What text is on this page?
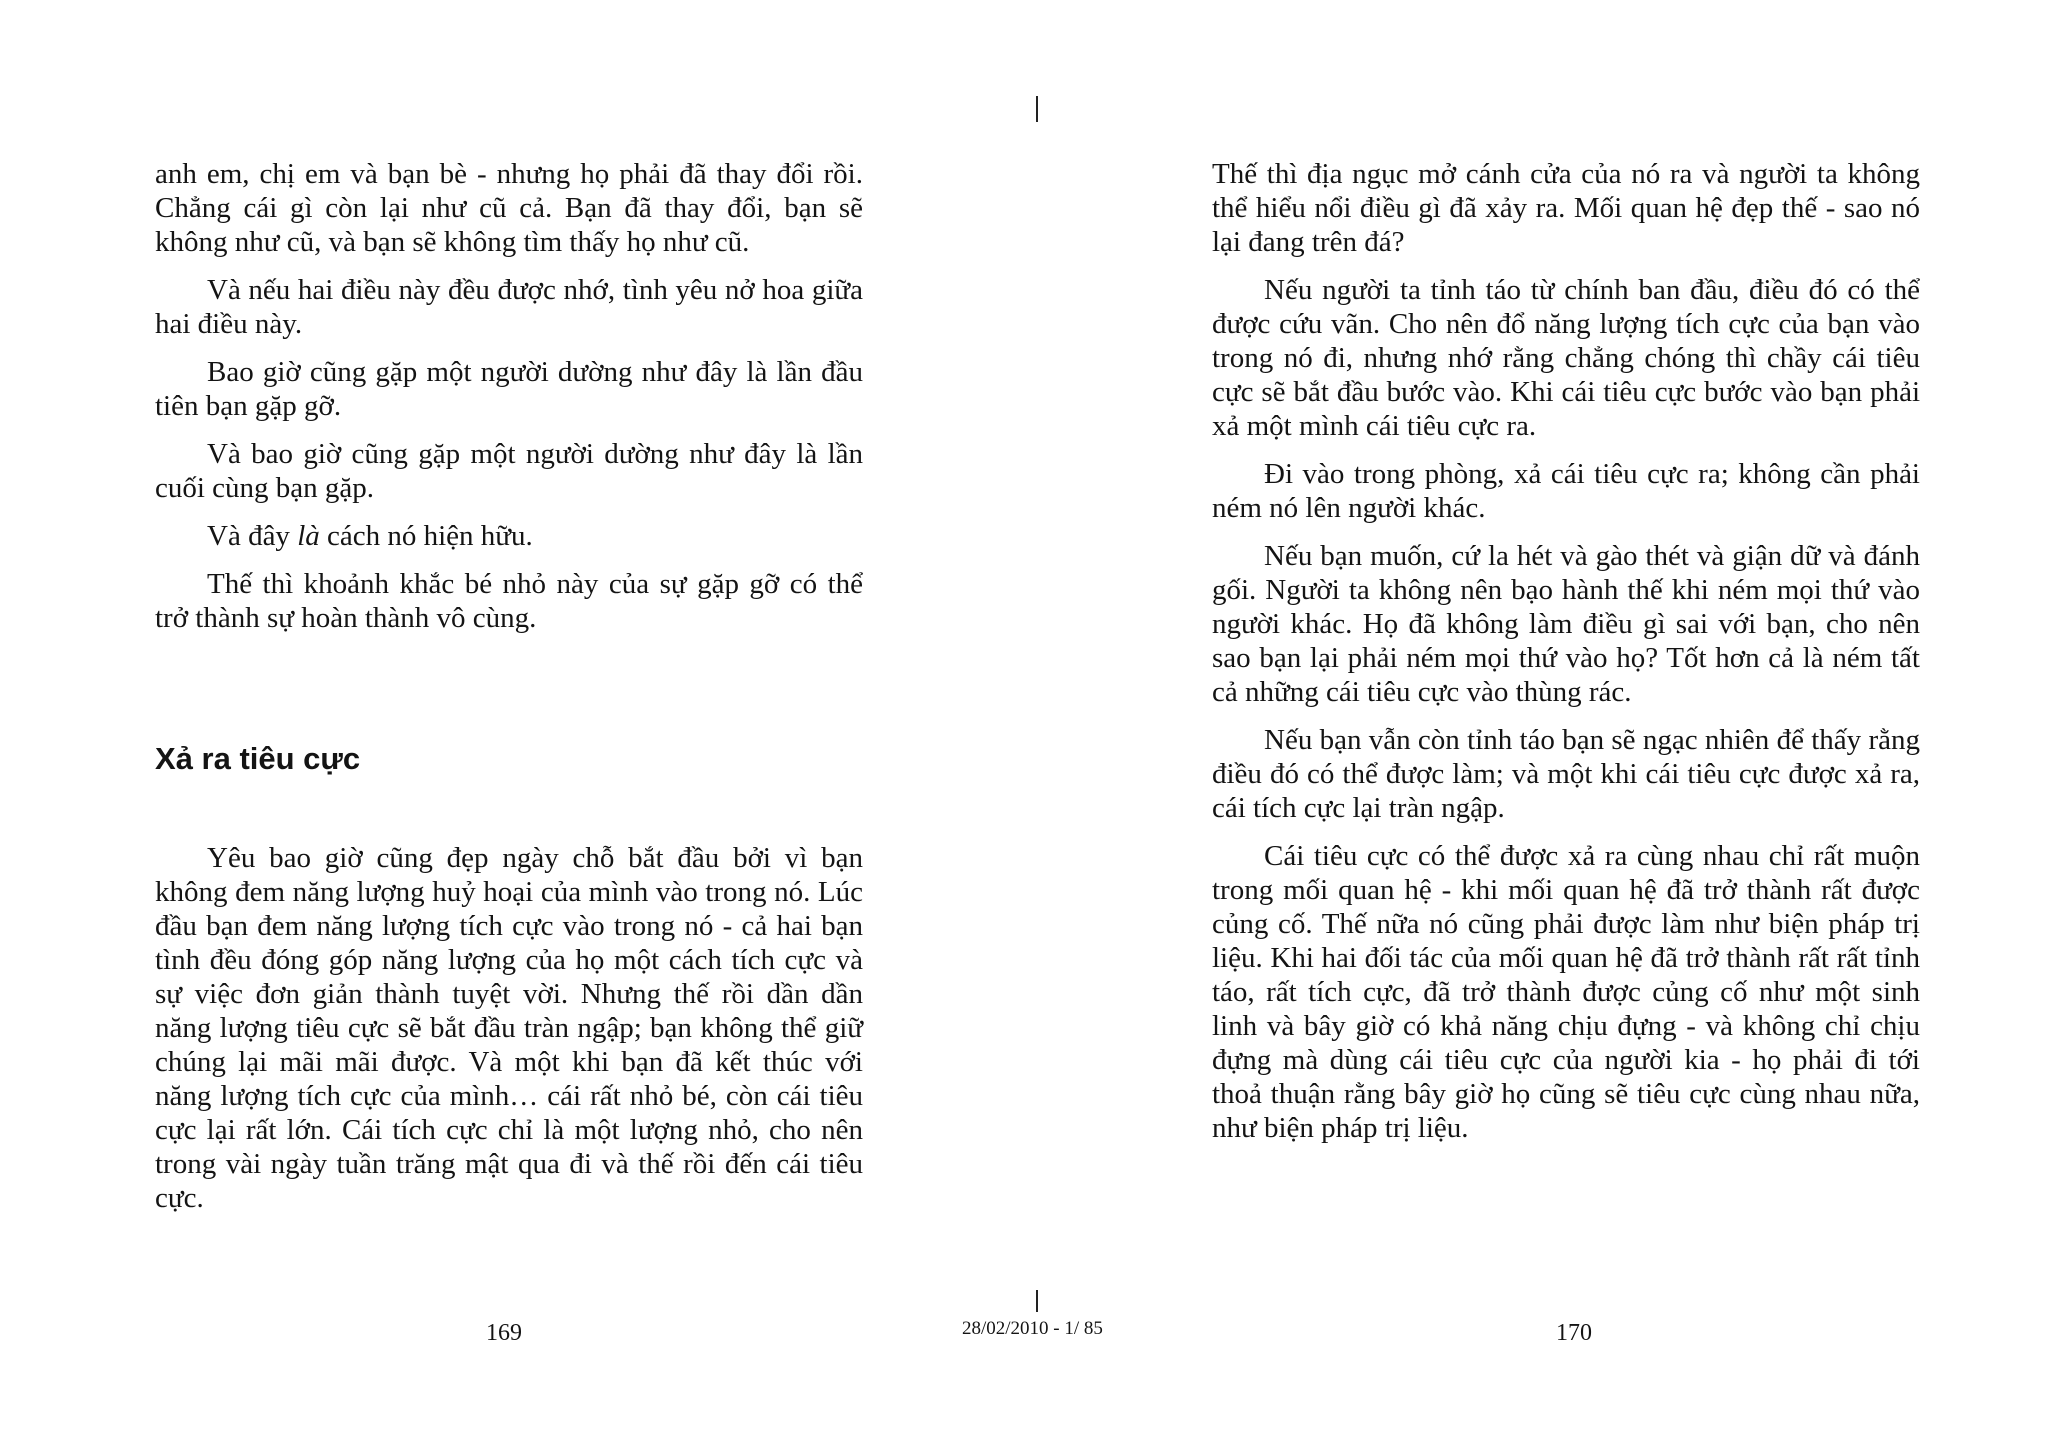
anh em, chị em và bạn bè - nhưng họ phải đã thay đổi rồi. Chẳng cái gì còn lại như cũ cả. Bạn đã thay đổi, bạn sẽ không như cũ, và bạn sẽ không tìm thấy họ như cũ.

Và nếu hai điều này đều được nhớ, tình yêu nở hoa giữa hai điều này.

Bao giờ cũng gặp một người dường như đây là lần đầu tiên bạn gặp gỡ.

Và bao giờ cũng gặp một người dường như đây là lần cuối cùng bạn gặp.

Và đây là cách nó hiện hữu.

Thế thì khoảnh khắc bé nhỏ này của sự gặp gỡ có thể trở thành sự hoàn thành vô cùng.

Xả ra tiêu cực

Yêu bao giờ cũng đẹp ngày chỗ bắt đầu bởi vì bạn không đem năng lượng huỷ hoại của mình vào trong nó. Lúc đầu bạn đem năng lượng tích cực vào trong nó - cả hai bạn tình đều đóng góp năng lượng của họ một cách tích cực và sự việc đơn giản thành tuyệt vời. Nhưng thế rồi dần dần năng lượng tiêu cực sẽ bắt đầu tràn ngập; bạn không thể giữ chúng lại mãi mãi được. Và một khi bạn đã kết thúc với năng lượng tích cực của mình… cái rất nhỏ bé, còn cái tiêu cực lại rất lớn. Cái tích cực chỉ là một lượng nhỏ, cho nên trong vài ngày tuần trăng mật qua đi và thế rồi đến cái tiêu cực.

Thế thì địa ngục mở cánh cửa của nó ra và người ta không thể hiểu nổi điều gì đã xảy ra. Mối quan hệ đẹp thế - sao nó lại đang trên đá?

Nếu người ta tỉnh táo từ chính ban đầu, điều đó có thể được cứu vãn. Cho nên đổ năng lượng tích cực của bạn vào trong nó đi, nhưng nhớ rằng chẳng chóng thì chầy cái tiêu cực sẽ bắt đầu bước vào. Khi cái tiêu cực bước vào bạn phải xả một mình cái tiêu cực ra.

Đi vào trong phòng, xả cái tiêu cực ra; không cần phải ném nó lên người khác.

Nếu bạn muốn, cứ la hét và gào thét và giận dữ và đánh gối. Người ta không nên bạo hành thế khi ném mọi thứ vào người khác. Họ đã không làm điều gì sai với bạn, cho nên sao bạn lại phải ném mọi thứ vào họ? Tốt hơn cả là ném tất cả những cái tiêu cực vào thùng rác.

Nếu bạn vẫn còn tỉnh táo bạn sẽ ngạc nhiên để thấy rằng điều đó có thể được làm; và một khi cái tiêu cực được xả ra, cái tích cực lại tràn ngập.

Cái tiêu cực có thể được xả ra cùng nhau chỉ rất muộn trong mối quan hệ - khi mối quan hệ đã trở thành rất được củng cố. Thế nữa nó cũng phải được làm như biện pháp trị liệu. Khi hai đối tác của mối quan hệ đã trở thành rất rất tỉnh táo, rất tích cực, đã trở thành được củng cố như một sinh linh và bây giờ có khả năng chịu đựng - và không chỉ chịu đựng mà dùng cái tiêu cực của người kia - họ phải đi tới thoả thuận rằng bây giờ họ cũng sẽ tiêu cực cùng nhau nữa, như biện pháp trị liệu.

169	28/02/2010 - 1/ 85	170
